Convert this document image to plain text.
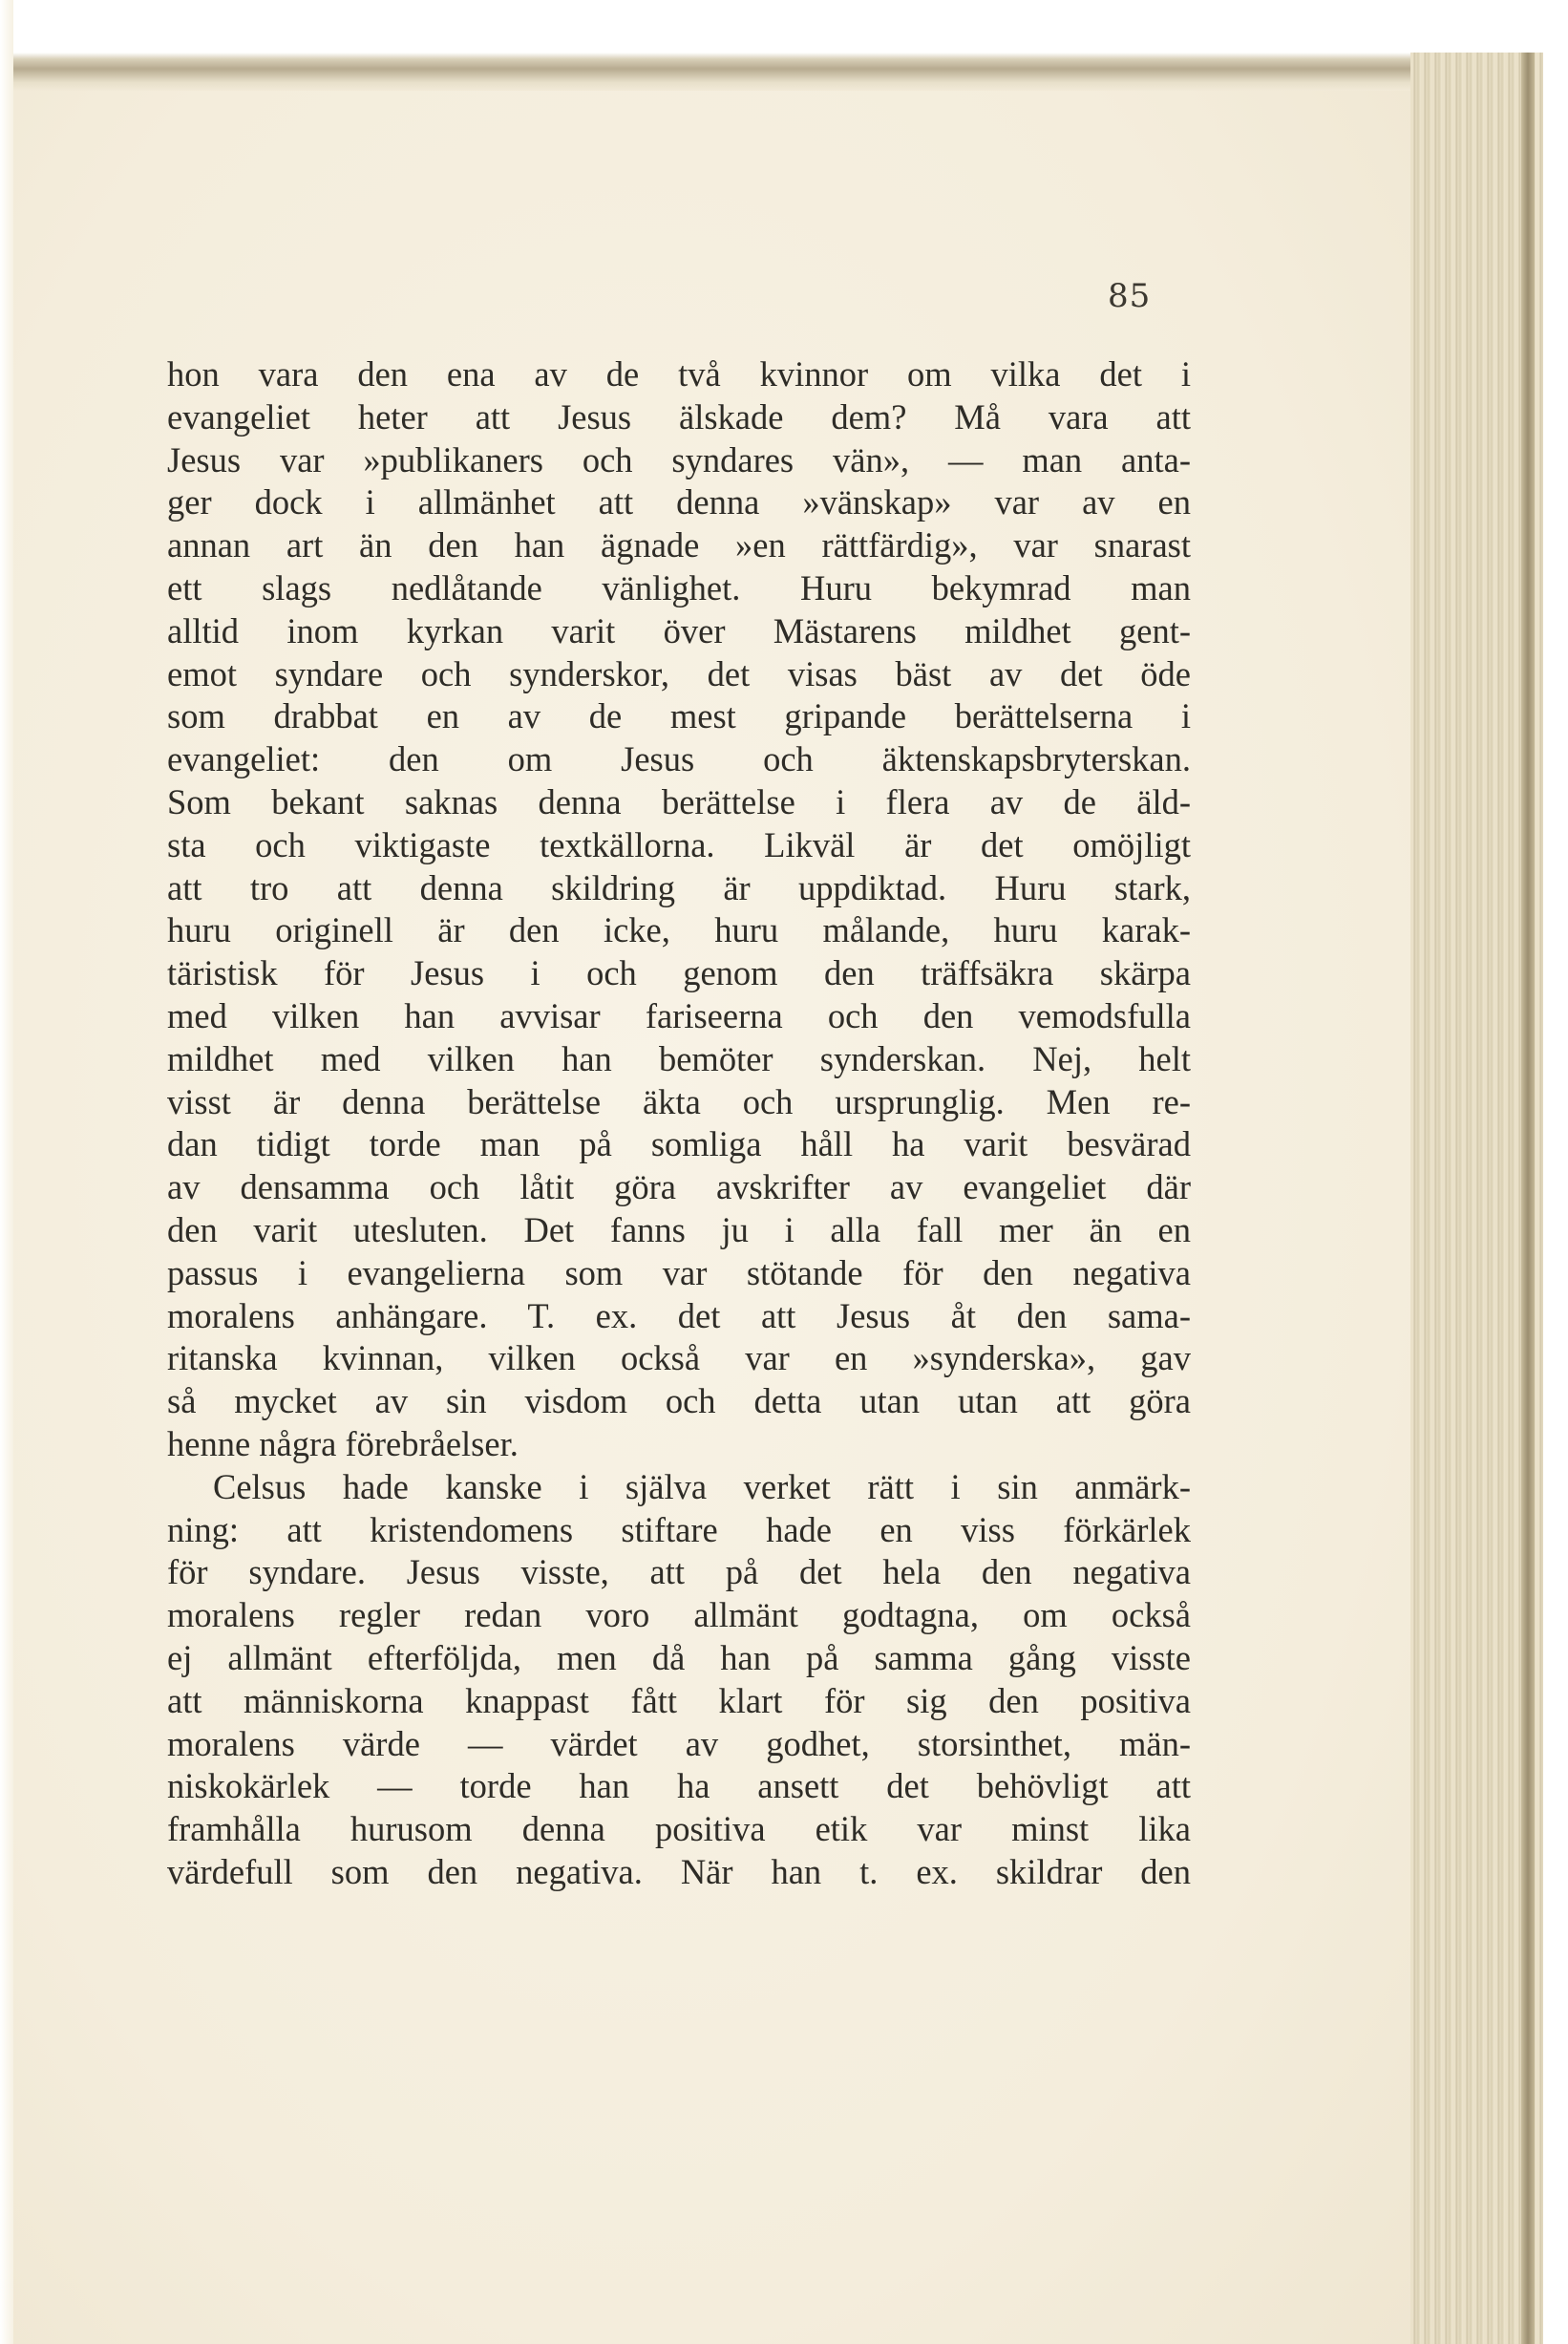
85
hon vara den ena av de två kvinnor om vilka det i
evangeliet heter att Jesus älskade dem? Må vara att
Jesus var »publikaners och syndares vän», — man anta-
ger dock i allmänhet att denna »vänskap» var av en
annan art än den han ägnade »en rättfärdig», var snarast
ett slags nedlåtande vänlighet. Huru bekymrad man
alltid inom kyrkan varit över Mästarens mildhet gent-
emot syndare och synderskor, det visas bäst av det öde
som drabbat en av de mest gripande berättelserna i
evangeliet: den om Jesus och äktenskapsbryterskan.
Som bekant saknas denna berättelse i flera av de äld-
sta och viktigaste textkällorna. Likväl är det omöjligt
att tro att denna skildring är uppdiktad. Huru stark,
huru originell är den icke, huru målande, huru karak-
täristisk för Jesus i och genom den träffsäkra skärpa
med vilken han avvisar fariseerna och den vemodsfulla
mildhet med vilken han bemöter synderskan. Nej, helt
visst är denna berättelse äkta och ursprunglig. Men re-
dan tidigt torde man på somliga håll ha varit besvärad
av densamma och låtit göra avskrifter av evangeliet där
den varit utesluten. Det fanns ju i alla fall mer än en
passus i evangelierna som var stötande för den negativa
moralens anhängare. T. ex. det att Jesus åt den sama-
ritanska kvinnan, vilken också var en »synderska», gav
så mycket av sin visdom och detta utan utan att göra
henne några förebråelser.
Celsus hade kanske i själva verket rätt i sin anmärk-
ning: att kristendomens stiftare hade en viss förkärlek
för syndare. Jesus visste, att på det hela den negativa
moralens regler redan voro allmänt godtagna, om också
ej allmänt efterföljda, men då han på samma gång visste
att människorna knappast fått klart för sig den positiva
moralens värde — värdet av godhet, storsinthet, män-
niskokärlek — torde han ha ansett det behövligt att
framhålla hurusom denna positiva etik var minst lika
värdefull som den negativa. När han t. ex. skildrar den
